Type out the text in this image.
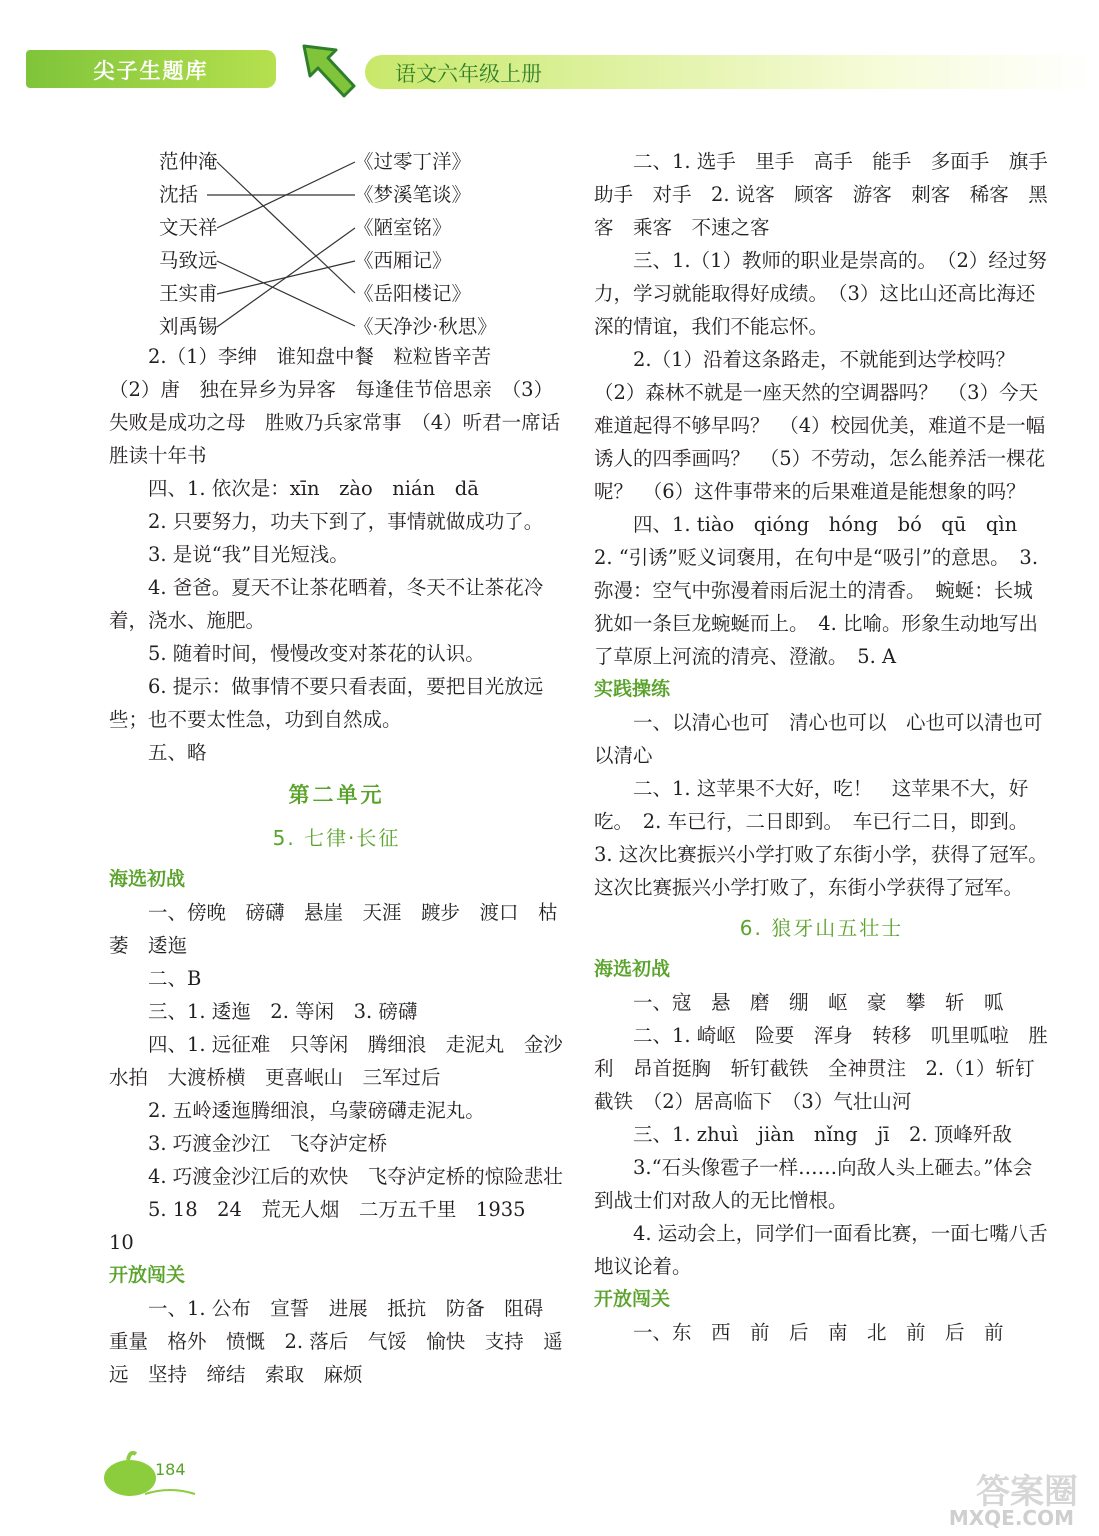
尖子生题库	语文六年级上册
范仲淹
沈括
文天祥
马致远
王实甫
刘禹锡
《过零丁洋》
《梦溪笔谈》
《陋室铭》
《西厢记》
《岳阳楼记》
《天净沙·秋思》

2.（1）李绅　谁知盘中餐　粒粒皆辛苦

（2）唐　独在异乡为异客　每逢佳节倍思亲　（3）失败是成功之母　胜败乃兵家常事　（4）听君一席话　胜读十年书

四、1. 依次是：xīn　zào　nián　dā

2. 只要努力，功夫下到了，事情就做成功了。

3. 是说“我”目光短浅。

4. 爸爸。夏天不让茶花晒着，冬天不让茶花冷着，浇水、施肥。

5. 随着时间，慢慢改变对茶花的认识。

6. 提示：做事情不要只看表面，要把目光放远些；也不要太性急，功到自然成。

五、略

第二单元

5. 七律·长征

海选初战

一、傍晚　磅礴　悬崖　天涯　踱步　渡口　枯萎　逶迤

二、B

三、1. 逶迤　2. 等闲　3. 磅礴

四、1. 远征难　只等闲　腾细浪　走泥丸　金沙水拍　大渡桥横　更喜岷山　三军过后

2. 五岭逶迤腾细浪，乌蒙磅礴走泥丸。

3. 巧渡金沙江　飞夺泸定桥

4. 巧渡金沙江后的欢快　飞夺泸定桥的惊险悲壮

5. 18　24　荒无人烟　二万五千里　1935　10

开放闯关

一、1. 公布　宣誓　进展　抵抗　防备　阻碍　重量　格外　愤慨　2. 落后　气馁　愉快　支持　遥远　坚持　缔结　索取　麻烦

二、1. 选手　里手　高手　能手　多面手　旗手　助手　对手　2. 说客　顾客　游客　刺客　稀客　黑客　乘客　不速之客

三、1.（1）教师的职业是崇高的。　（2）经过努力，学习就能取得好成绩。　（3）这比山还高比海还深的情谊，我们不能忘怀。

2.（1）沿着这条路走，不就能到达学校吗？（2）森林不就是一座天然的空调器吗？　（3）今天难道起得不够早吗？　（4）校园优美，难道不是一幅诱人的四季画吗？　（5）不劳动，怎么能养活一棵花呢？　（6）这件事带来的后果难道是能想象的吗？

四、1. tiào　qióng　hóng　bó　qū　qìn　2. “引诱”贬义词褒用，在句中是“吸引”的意思。　3. 弥漫：空气中弥漫着雨后泥土的清香。　蜿蜒：长城犹如一条巨龙蜿蜒而上。　4. 比喻。形象生动地写出了草原上河流的清亮、澄澈。　5. A

实践操练

一、以清心也可　清心也可以　心也可以清也可以清心

二、1. 这苹果不大好，吃！　这苹果不大，好吃。　2. 车已行，二日即到。　车已行二日，即到。　3. 这次比赛振兴小学打败了东街小学，获得了冠军。　这次比赛振兴小学打败了，东街小学获得了冠军。

6. 狼牙山五壮士

海选初战

一、寇　悬　磨　绷　岖　豪　攀　斩　呱

二、1. 崎岖　险要　浑身　转移　叽里呱啦　胜利　昂首挺胸　斩钉截铁　全神贯注　2.（1）斩钉截铁　（2）居高临下　（3）气壮山河

三、1. zhuì　jiàn　nǐng　jī　2. 顶峰歼敌

3.“石头像雹子一样……向敌人头上砸去。”体会到战士们对敌人的无比憎根。

4. 运动会上，同学们一面看比赛，一面七嘴八舌地议论着。

开放闯关

一、东　西　前　后　南　北　前　后　前

184
答案圈
MXQE.COM
